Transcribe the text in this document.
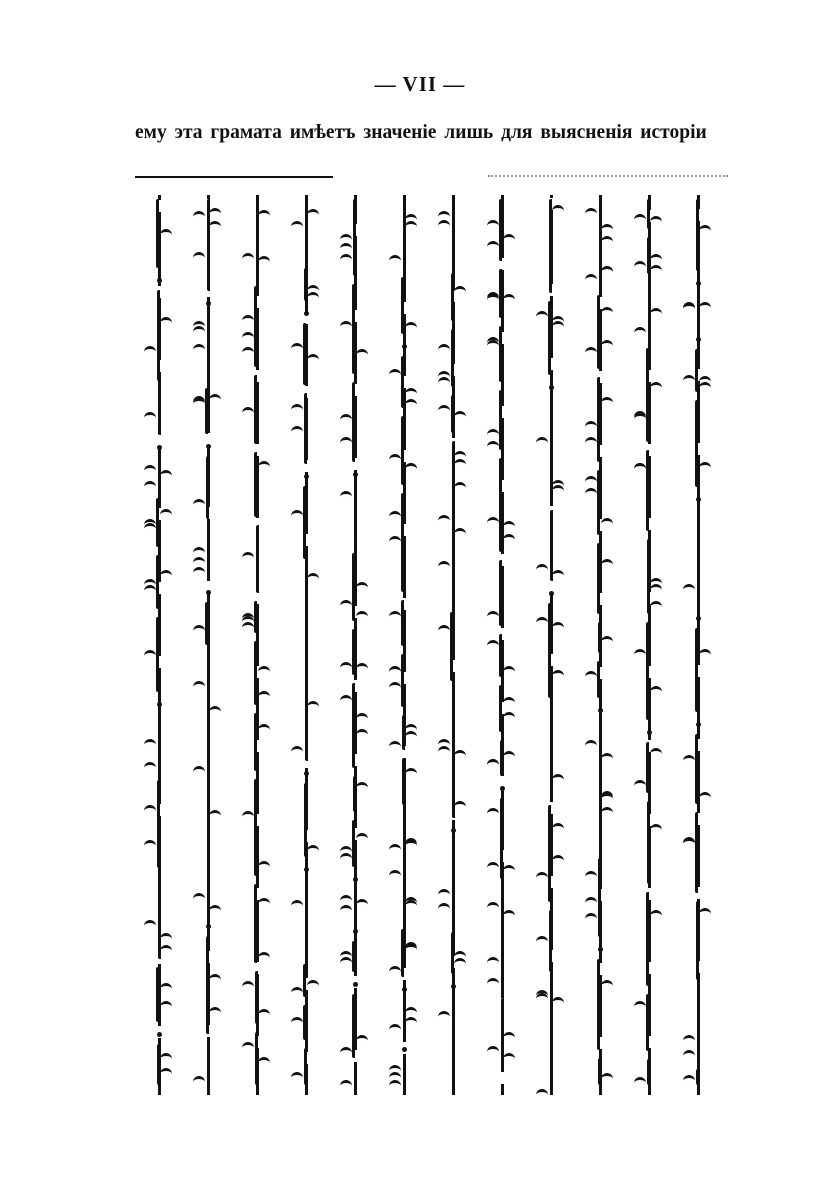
— VII —
ему эта грамата имѣетъ значеніе лишь для выясненія исторіи
